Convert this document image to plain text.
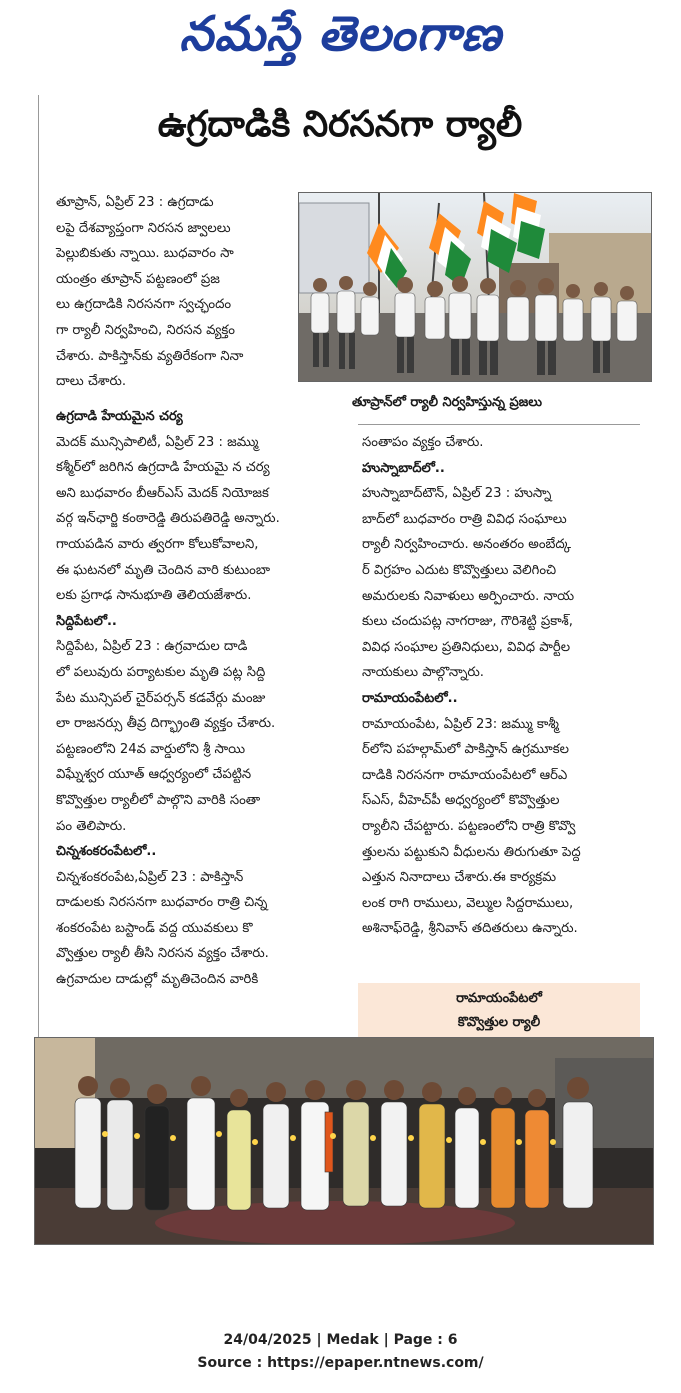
నమస్తే తెలంగాణ
ఉగ్రదాడికి నిరసనగా ర్యాలీ

తూప్రాన్, ఏప్రిల్ 23 : ఉగ్రదాడు

లపై దేశవ్యాప్తంగా నిరసన జ్వాలలు

పెల్లుబికుతు న్నాయి. బుధవారం సా

యంత్రం తూప్రాన్ పట్టణంలో ప్రజ

లు ఉగ్రదాడికి నిరసనగా స్వచ్ఛందం

గా ర్యాలీ నిర్వహించి, నిరసన వ్యక్తం

చేశారు. పాకిస్తాన్‌కు వ్యతిరేకంగా నినా

దాలు చేశారు.

తూప్రాన్‌లో ర్యాలీ నిర్వహిస్తున్న ప్రజలు

ఉగ్రదాడి హేయమైన చర్య

మెదక్ మున్సిపాలిటీ, ఏప్రిల్ 23 : జమ్ము

కశ్మీర్‌లో జరిగిన ఉగ్రదాడి హేయమై న చర్య

అని బుధవారం బీఆర్ఎస్ మెదక్ నియోజక

వర్గ ఇన్‌ఛార్జి కంఠారెడ్డి తిరుపతిరెడ్డి అన్నారు.

గాయపడిన వారు త్వరగా కోలుకోవాలని,

ఈ ఘటనలో మృతి చెందిన వారి కుటుంబా

లకు ప్రగాఢ సానుభూతి తెలియజేశారు.

సిద్దిపేటలో..

సిద్దిపేట, ఏప్రిల్ 23 : ఉగ్రవాదుల దాడి

లో పలువురు పర్యాటకుల మృతి పట్ల సిద్ది

పేట మున్సిపల్ చైర్‌పర్సన్ కడవేర్గు మంజు

లా రాజనర్సు తీవ్ర దిగ్భ్రాంతి వ్యక్తం చేశారు.

పట్టణంలోని 24వ వార్డులోని శ్రీ సాయి

విఘ్నేశ్వర యూత్ ఆధ్వర్యంలో చేపట్టిన

కొవ్వొత్తుల ర్యాలీలో పాల్గొని వారికి సంతా

పం తెలిపారు.

చిన్నశంకరంపేటలో..

చిన్నశంకరంపేట,ఏప్రిల్ 23 : పాకిస్తాన్

దాడులకు నిరసనగా బుధవారం రాత్రి చిన్న

శంకరంపేట బస్టాండ్ వద్ద యువకులు కొ

వ్వొత్తుల ర్యాలీ తీసి నిరసన వ్యక్తం చేశారు.

ఉగ్రవాదుల దాడుల్లో మృతిచెందిన వారికి

సంతాపం వ్యక్తం చేశారు.

హుస్నాబాద్‌లో..

హుస్నాబాద్‌టౌన్, ఏప్రిల్ 23 : హుస్నా

బాద్‌లో బుధవారం రాత్రి వివిధ సంఘాలు

ర్యాలీ నిర్వహించారు. అనంతరం అంబేద్క

ర్ విగ్రహం ఎదుట కొవ్వొత్తులు వెలిగించి

అమరులకు నివాళులు అర్పించారు. నాయ

కులు చందుపట్ల నాగరాజు, గౌరిశెట్టి ప్రకాశ్,

వివిధ సంఘాల ప్రతినిధులు, వివిధ పార్టీల

నాయకులు పాల్గొన్నారు.

రామాయంపేటలో..

రామాయంపేట, ఏప్రిల్ 23: జమ్ము కాశ్మీ

ర్‌లోని పహల్గామ్‌లో పాకిస్తాన్ ఉగ్రమూకల

దాడికి నిరసనగా రామాయంపేటలో ఆర్ఎ

స్ఎస్, వీహెచ్‌పీ అధ్వర్యంలో కొవ్వొత్తుల

ర్యాలీని చేపట్టారు. పట్టణంలోని రాత్రి కొవ్వొ

త్తులను పట్టుకుని వీధులను తిరుగుతూ పెద్ద

ఎత్తున నినాదాలు చేశారు.ఈ కార్యక్రమ

లంక రాగి రాములు, వెల్ముల సిద్దరాములు,

అశినాఫ్‌రెడ్డి, శ్రీనివాస్ తదితరులు ఉన్నారు.

రామాయంపేటలో
కొవ్వొత్తుల ర్యాలీ
24/04/2025 | Medak | Page : 6
Source : https://epaper.ntnews.com/
